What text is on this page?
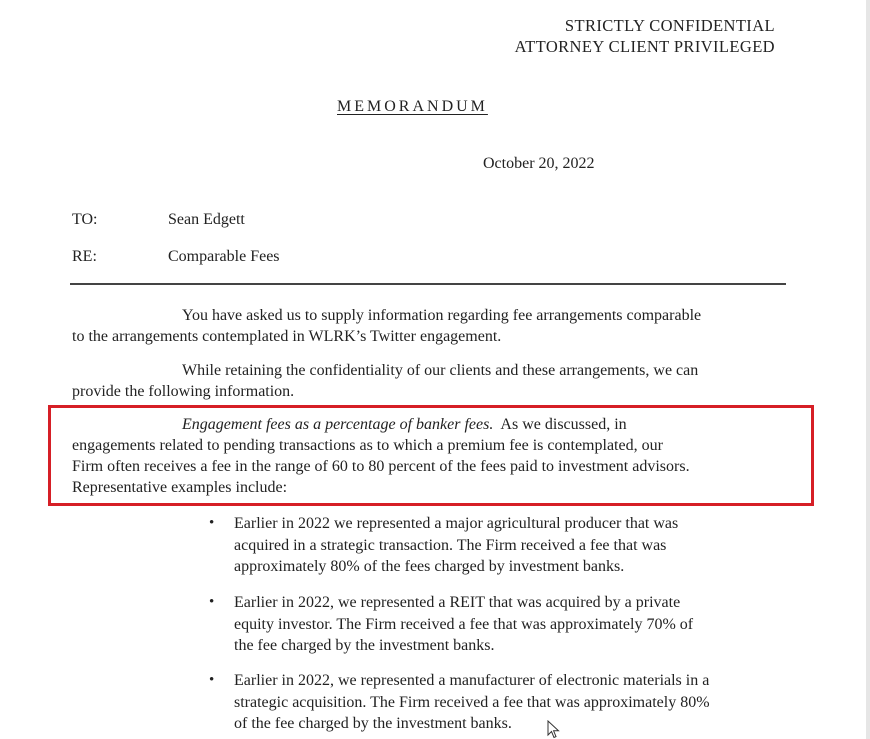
STRICTLY CONFIDENTIAL
ATTORNEY CLIENT PRIVILEGED
MEMORANDUM
October 20, 2022
TO:	Sean Edgett
RE:	Comparable Fees
You have asked us to supply information regarding fee arrangements comparable
to the arrangements contemplated in WLRK’s Twitter engagement.
While retaining the confidentiality of our clients and these arrangements, we can
provide the following information.
Engagement fees as a percentage of banker fees.  As we discussed, in
engagements related to pending transactions as to which a premium fee is contemplated, our
Firm often receives a fee in the range of 60 to 80 percent of the fees paid to investment advisors.
Representative examples include:
• Earlier in 2022 we represented a major agricultural producer that was
acquired in a strategic transaction. The Firm received a fee that was
approximately 80% of the fees charged by investment banks.
• Earlier in 2022, we represented a REIT that was acquired by a private
equity investor. The Firm received a fee that was approximately 70% of
the fee charged by the investment banks.
• Earlier in 2022, we represented a manufacturer of electronic materials in a
strategic acquisition. The Firm received a fee that was approximately 80%
of the fee charged by the investment banks.
